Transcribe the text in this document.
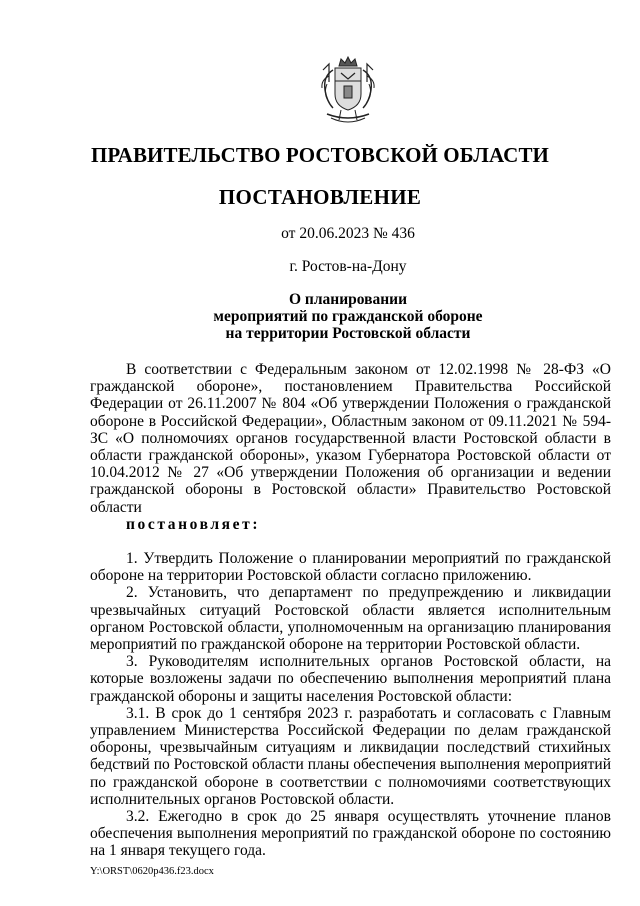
ПРАВИТЕЛЬСТВО РОСТОВСКОЙ ОБЛАСТИ
ПОСТАНОВЛЕНИЕ
от 20.06.2023 № 436
г. Ростов-на-Дону
О планировании
мероприятий по гражданской обороне
на территории Ростовской области

В соответствии с Федеральным законом от 12.02.1998 № 28-ФЗ «О гражданской обороне», постановлением Правительства Российской Федерации от 26.11.2007 № 804 «Об утверждении Положения о гражданской обороне в Российской Федерации», Областным законом от 09.11.2021 № 594-ЗС «О полномочиях органов государственной власти Ростовской области в области гражданской обороны», указом Губернатора Ростовской области от 10.04.2012 № 27 «Об утверждении Положения об организации и ведении гражданской обороны в Ростовской области» Правительство Ростовской области

постановляет:

1. Утвердить Положение о планировании мероприятий по гражданской обороне на территории Ростовской области согласно приложению.

2. Установить, что департамент по предупреждению и ликвидации чрезвычайных ситуаций Ростовской области является исполнительным органом Ростовской области, уполномоченным на организацию планирования мероприятий по гражданской обороне на территории Ростовской области.

3. Руководителям исполнительных органов Ростовской области, на которые возложены задачи по обеспечению выполнения мероприятий плана гражданской обороны и защиты населения Ростовской области:

3.1. В срок до 1 сентября 2023 г. разработать и согласовать с Главным управлением Министерства Российской Федерации по делам гражданской обороны, чрезвычайным ситуациям и ликвидации последствий стихийных бедствий по Ростовской области планы обеспечения выполнения мероприятий по гражданской обороне в соответствии с полномочиями соответствующих исполнительных органов Ростовской области.

3.2. Ежегодно в срок до 25 января осуществлять уточнение планов обеспечения выполнения мероприятий по гражданской обороне по состоянию на 1 января текущего года.

Y:\ORST\0620p436.f23.docx
